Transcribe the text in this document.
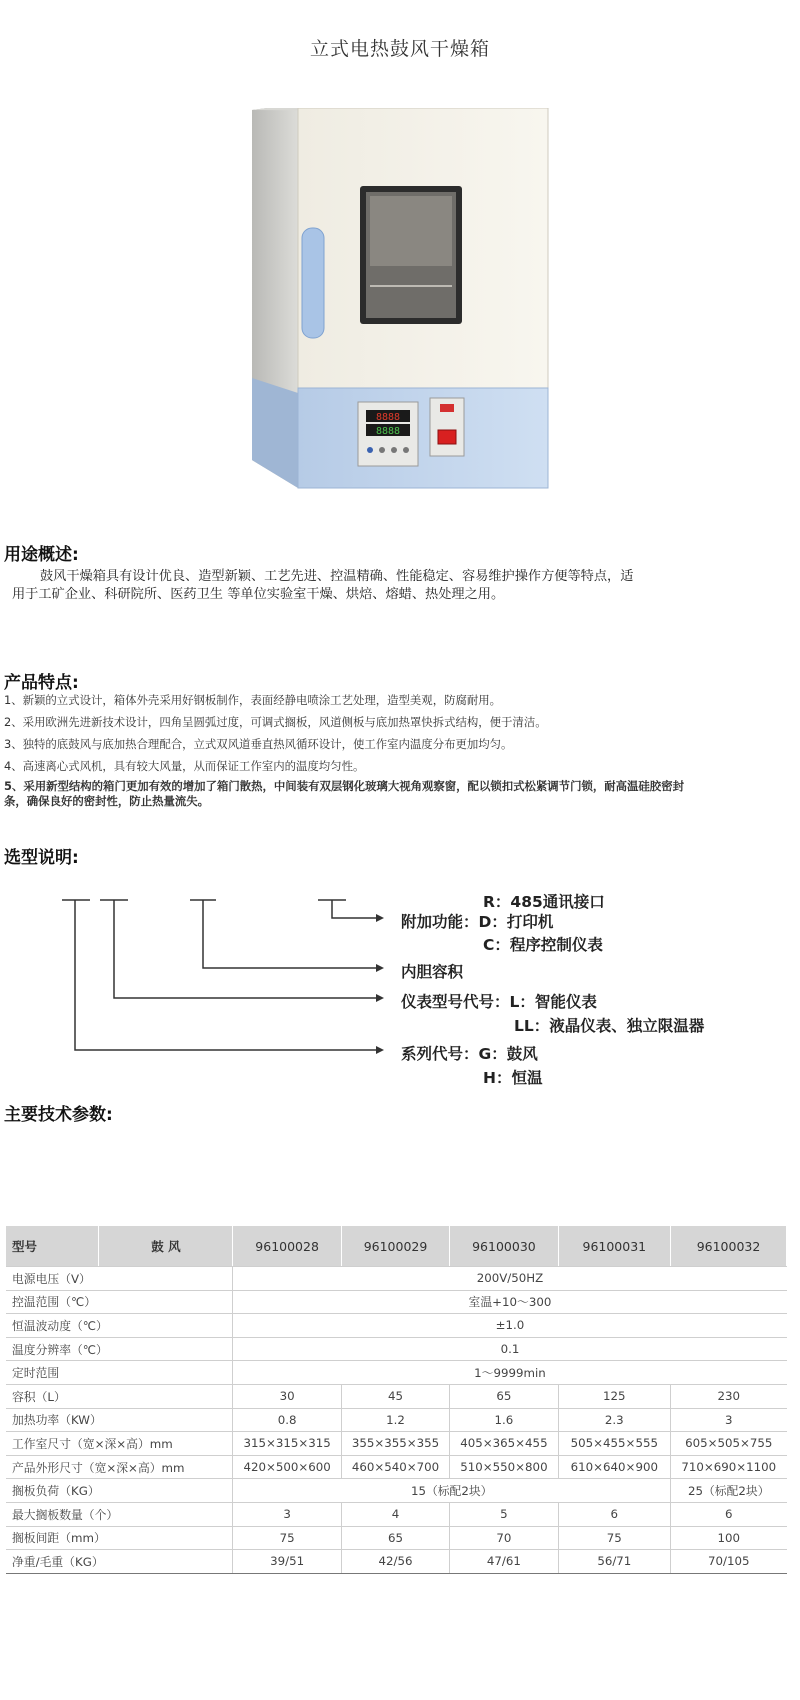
立式电热鼓风干燥箱
8888
8888
用途概述:
鼓风干燥箱具有设计优良、造型新颖、工艺先进、控温精确、性能稳定、容易维护操作方便等特点，适
用于工矿企业、科研院所、医药卫生 等单位实验室干燥、烘焙、熔蜡、热处理之用。
产品特点:
1、新颖的立式设计，箱体外壳采用好钢板制作，表面经静电喷涂工艺处理，造型美观，防腐耐用。
2、采用欧洲先进新技术设计，四角呈圆弧过度，可调式搁板，风道侧板与底加热罩快拆式结构，便于清洁。
3、独特的底鼓风与底加热合理配合，立式双风道垂直热风循环设计，使工作室内温度分布更加均匀。
4、高速离心式风机，具有较大风量，从而保证工作室内的温度均匀性。
5、采用新型结构的箱门更加有效的增加了箱门散热，中间装有双层钢化玻璃大视角观察窗，配以锁扣式松紧调节门锁，耐高温硅胶密封条，确保良好的密封性，防止热量流失。
选型说明:
R：485通讯接口
附加功能：D：打印机
C：程序控制仪表
内胆容积
仪表型号代号：L：智能仪表
LL：液晶仪表、独立限温器
系列代号：G：鼓风
H：恒温
主要技术参数:
型号	鼓 风	96100028	96100029	96100030	96100031	96100032
电源电压（V）		200V/50HZ				
控温范围（℃）		室温+10～300				
恒温波动度（℃）		±1.0				
温度分辨率（℃）		0.1				
定时范围		1～9999min				
容积（L）		30	45	65	125	230
加热功率（KW）		0.8	1.2	1.6	2.3	3
工作室尺寸（宽×深×高）mm		315×315×315	355×355×355	405×365×455	505×455×555	605×505×755
产品外形尺寸（宽×深×高）mm		420×500×600	460×540×700	510×550×800	610×640×900	710×690×1100
搁板负荷（KG）		15（标配2块）				25（标配2块）
最大搁板数量（个）		3	4	5	6	6
搁板间距（mm）		75	65	70	75	100
净重/毛重（KG）		39/51	42/56	47/61	56/71	70/105
